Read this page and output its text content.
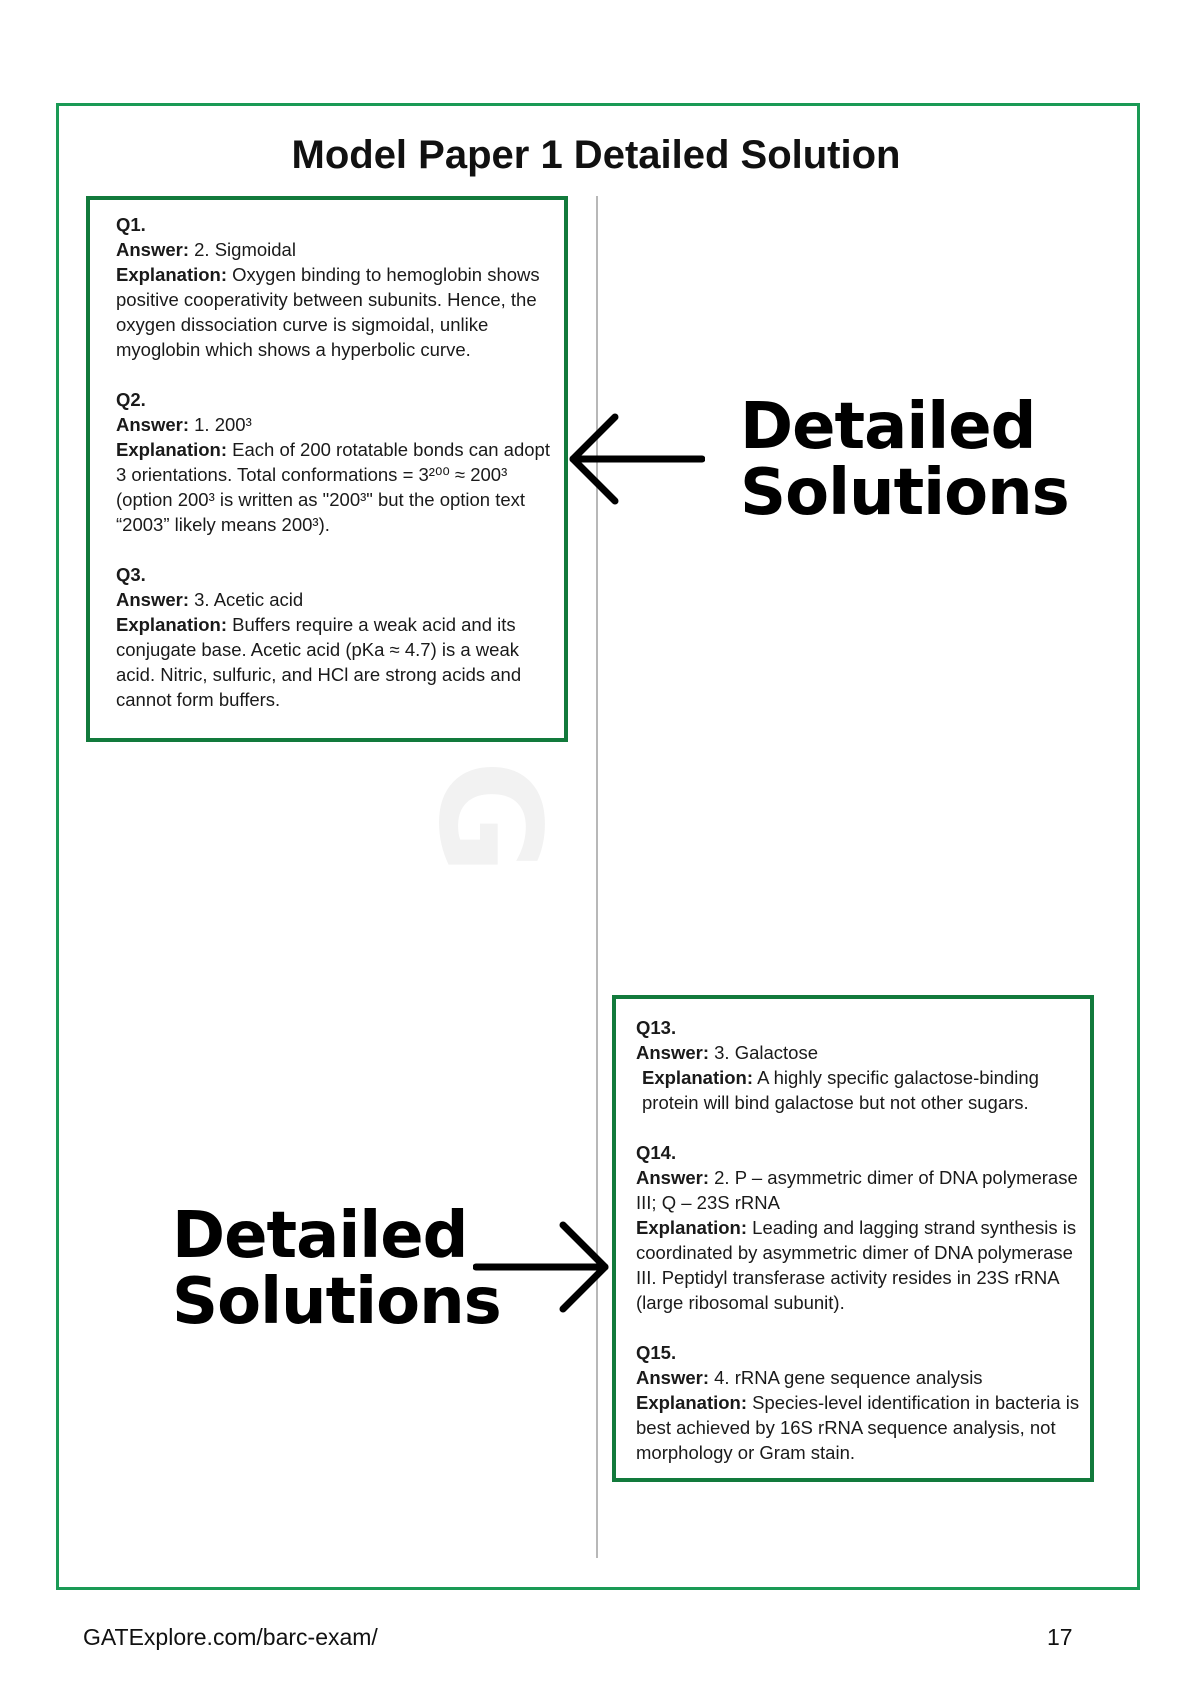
Model Paper 1 Detailed Solution
Q1.
Answer: 2. Sigmoidal
Explanation: Oxygen binding to hemoglobin shows positive cooperativity between subunits. Hence, the oxygen dissociation curve is sigmoidal, unlike myoglobin which shows a hyperbolic curve.
Q2.
Answer: 1. 200³
Explanation: Each of 200 rotatable bonds can adopt 3 orientations. Total conformations = 3²⁰⁰ ≈ 200³ (option 200³ is written as "200³" but the option text “2003” likely means 200³).
Q3.
Answer: 3. Acetic acid
Explanation: Buffers require a weak acid and its conjugate base. Acetic acid (pKa ≈ 4.7) is a weak acid. Nitric, sulfuric, and HCl are strong acids and cannot form buffers.
Detailed
Solutions
G
Q13.
Answer: 3. Galactose
Explanation: A highly specific galactose-binding protein will bind galactose but not other sugars.
Q14.
Answer: 2. P – asymmetric dimer of DNA polymerase III; Q – 23S rRNA
Explanation: Leading and lagging strand synthesis is coordinated by asymmetric dimer of DNA polymerase III. Peptidyl transferase activity resides in 23S rRNA (large ribosomal subunit).
Q15.
Answer: 4. rRNA gene sequence analysis
Explanation: Species-level identification in bacteria is best achieved by 16S rRNA sequence analysis, not morphology or Gram stain.
Detailed
Solutions
GATExplore.com/barc-exam/	17
